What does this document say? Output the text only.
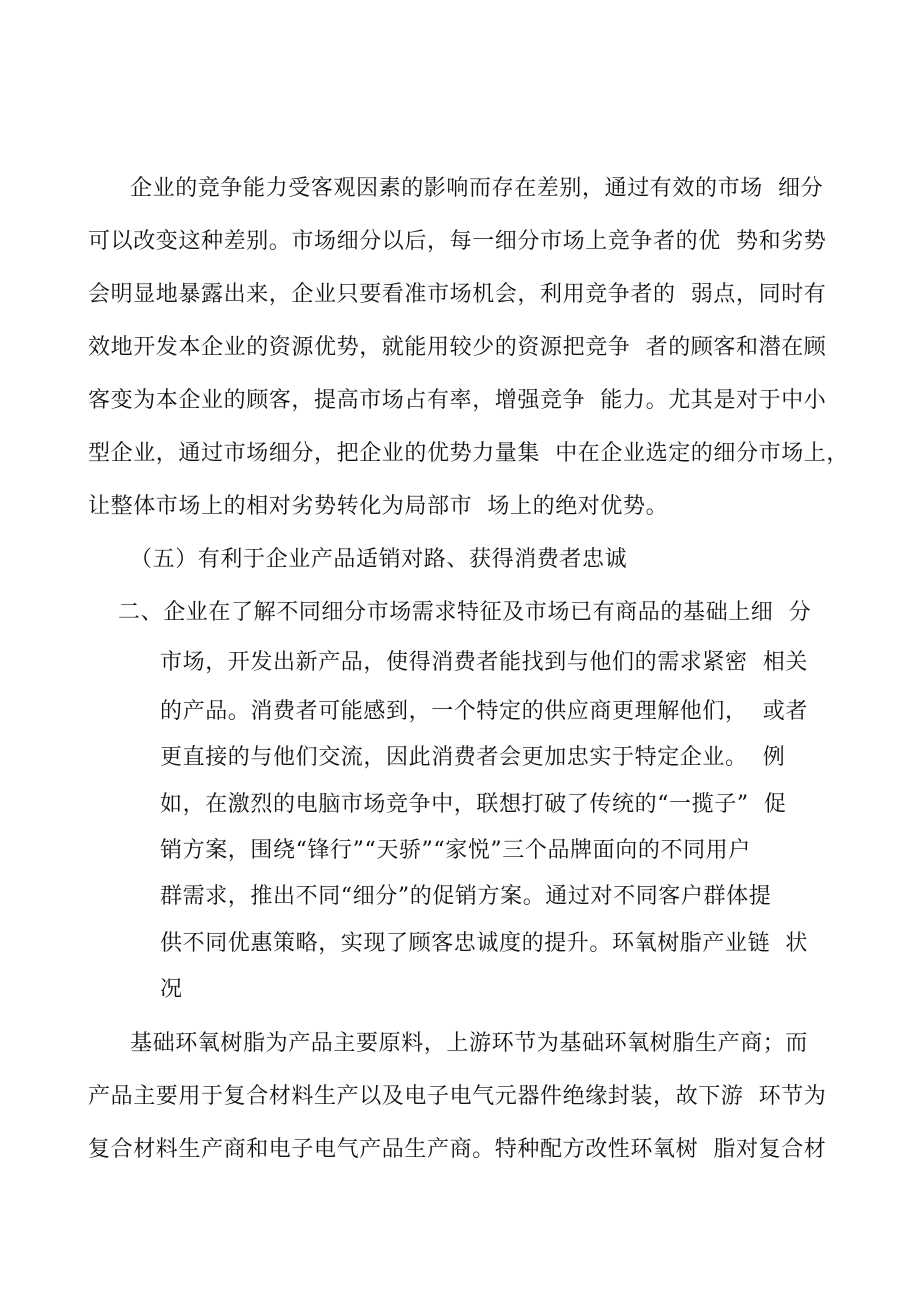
企业的竞争能力受客观因素的影响而存在差别，通过有效的市场  细分
可以改变这种差别。市场细分以后，每一细分市场上竞争者的优  势和劣势
会明显地暴露出来，企业只要看准市场机会，利用竞争者的  弱点，同时有
效地开发本企业的资源优势，就能用较少的资源把竞争  者的顾客和潜在顾
客变为本企业的顾客，提高市场占有率，增强竞争  能力。尤其是对于中小
型企业，通过市场细分，把企业的优势力量集  中在企业选定的细分市场上，
让整体市场上的相对劣势转化为局部市  场上的绝对优势。
（五）有利于企业产品适销对路、获得消费者忠诚
二、企业在了解不同细分市场需求特征及市场已有商品的基础上细  分
市场，开发出新产品，使得消费者能找到与他们的需求紧密  相关
的产品。消费者可能感到，一个特定的供应商更理解他们，  或者
更直接的与他们交流，因此消费者会更加忠实于特定企业。  例
如，在激烈的电脑市场竞争中，联想打破了传统的“一揽子”  促
销方案，围绕“锋行”“天骄”“家悦”三个品牌面向的不同用户
群需求，推出不同“细分”的促销方案。通过对不同客户群体提
供不同优惠策略，实现了顾客忠诚度的提升。环氧树脂产业链  状
况
基础环氧树脂为产品主要原料，上游环节为基础环氧树脂生产商；而
产品主要用于复合材料生产以及电子电气元器件绝缘封装，故下游  环节为
复合材料生产商和电子电气产品生产商。特种配方改性环氧树  脂对复合材
